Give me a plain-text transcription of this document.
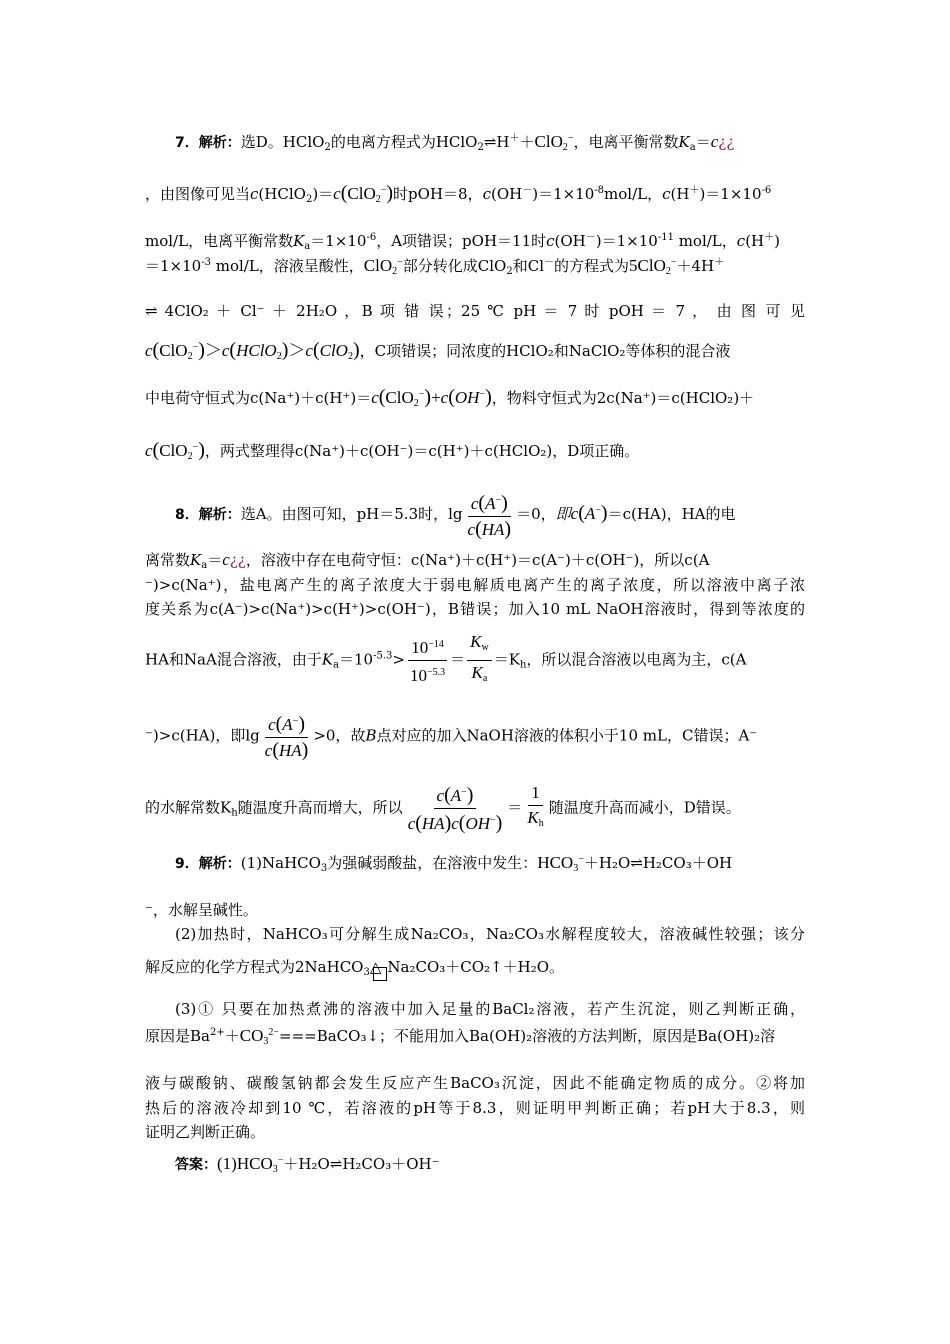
7．解析：选D。HClO$_2$的电离方程式为HClO$_2$⇌H＋＋ClO$_2$−，电离平衡常数$K_a=c¿¿$
，由图像可见当c(HClO$_2$)＝c(ClO$_2$−)时pOH＝8，$c(OH^-)=1\times 10^{-8}mol/L$，$c(H^+)=1\times 10^{-6}$
mol/L，电离平衡常数$K_a=1\times 10^{-6}$，A项错误；pOH＝11时$c(OH^-)=1\times 10^{-11}$ mol/L，c(H＋)
$=1\times 10^{-3}$ mol/L，溶液呈酸性，ClO$_2$−部分转化成ClO$_2$和Cl－的方程式为5ClO$_2$−＋4H＋
⇌ 4ClO₂ ＋ Cl⁻ ＋ 2H₂O ，B 项 错 误；25 ℃ pH ＝ 7 时 pOH ＝ 7 ， 由 图 可 见
c(ClO$_2$−)＞c(HClO$_2$)＞c(ClO$_2$)，C项错误；同浓度的HClO₂和NaClO₂等体积的混合液
中电荷守恒式为c(Na⁺)＋c(H⁺)＝c(ClO$_2$−)+c(OH−)，物料守恒式为2c(Na⁺)＝c(HClO₂)＋
c(ClO$_2$−)，两式整理得c(Na⁺)＋c(OH⁻)＝c(H⁺)＋c(HClO₂)，D项正确。
8．解析：选A。由图可知，pH＝5.3时，$\lg \frac{c(A^-)}{c(HA)} =0$，即c(A−)＝c(HA)，HA的电
离常数$K_a=c¿¿$，溶液中存在电荷守恒：c(Na⁺)＋c(H⁺)＝c(A⁻)＋c(OH⁻)，所以c(A
⁻)>c(Na⁺)，盐电离产生的离子浓度大于弱电解质电离产生的离子浓度，所以溶液中离子浓
度关系为c(A⁻)>c(Na⁺)>c(H⁺)>c(OH⁻)，B错误；加入10 mL NaOH溶液时，得到等浓度的
HA和NaA混合溶液，由于$K_a=10^{-5.3}> \frac{10^{-14}}{10^{-5.3}} = \frac{K_w}{K_a} =K_h$，所以混合溶液以电离为主，c(A
⁻)>c(HA)，即$\lg \frac{c(A^-)}{c(HA)} >0$，故B点对应的加入NaOH溶液的体积小于10 mL，C错误；A⁻
的水解常数$K_h$随温度升高而增大，所以 $\frac{c(A^-)}{c(HA)c(OH^-)} = \frac{1}{K_h}$ 随温度升高而减小，D错误。
9．解析：(1)NaHCO$_3$为强碱弱酸盐，在溶液中发生：$HCO_3^-+H_2O\rightleftharpoons H_2CO_3+OH$
⁻，水解呈碱性。
(2)加热时，NaHCO₃可分解生成Na₂CO₃，Na₂CO₃水解程度较大，溶液碱性较强；该分
解反应的化学方程式为2NaHCO$_3$△ Na₂CO₃＋CO₂↑＋H₂O。
(3)① 只要在加热煮沸的溶液中加入足量的BaCl₂溶液，若产生沉淀，则乙判断正确，
原因是$Ba^{2+}+CO_3^{2-}===BaCO_3↓$；不能用加入Ba(OH)₂溶液的方法判断，原因是Ba(OH)₂溶
液与碳酸钠、碳酸氢钠都会发生反应产生BaCO₃沉淀，因此不能确定物质的成分。②将加
热后的溶液冷却到10 ℃，若溶液的pH等于8.3，则证明甲判断正确；若pH大于8.3，则
证明乙判断正确。
答案：$(1)HCO_3^-+H_2O\rightleftharpoons H_2CO_3+OH^-$
